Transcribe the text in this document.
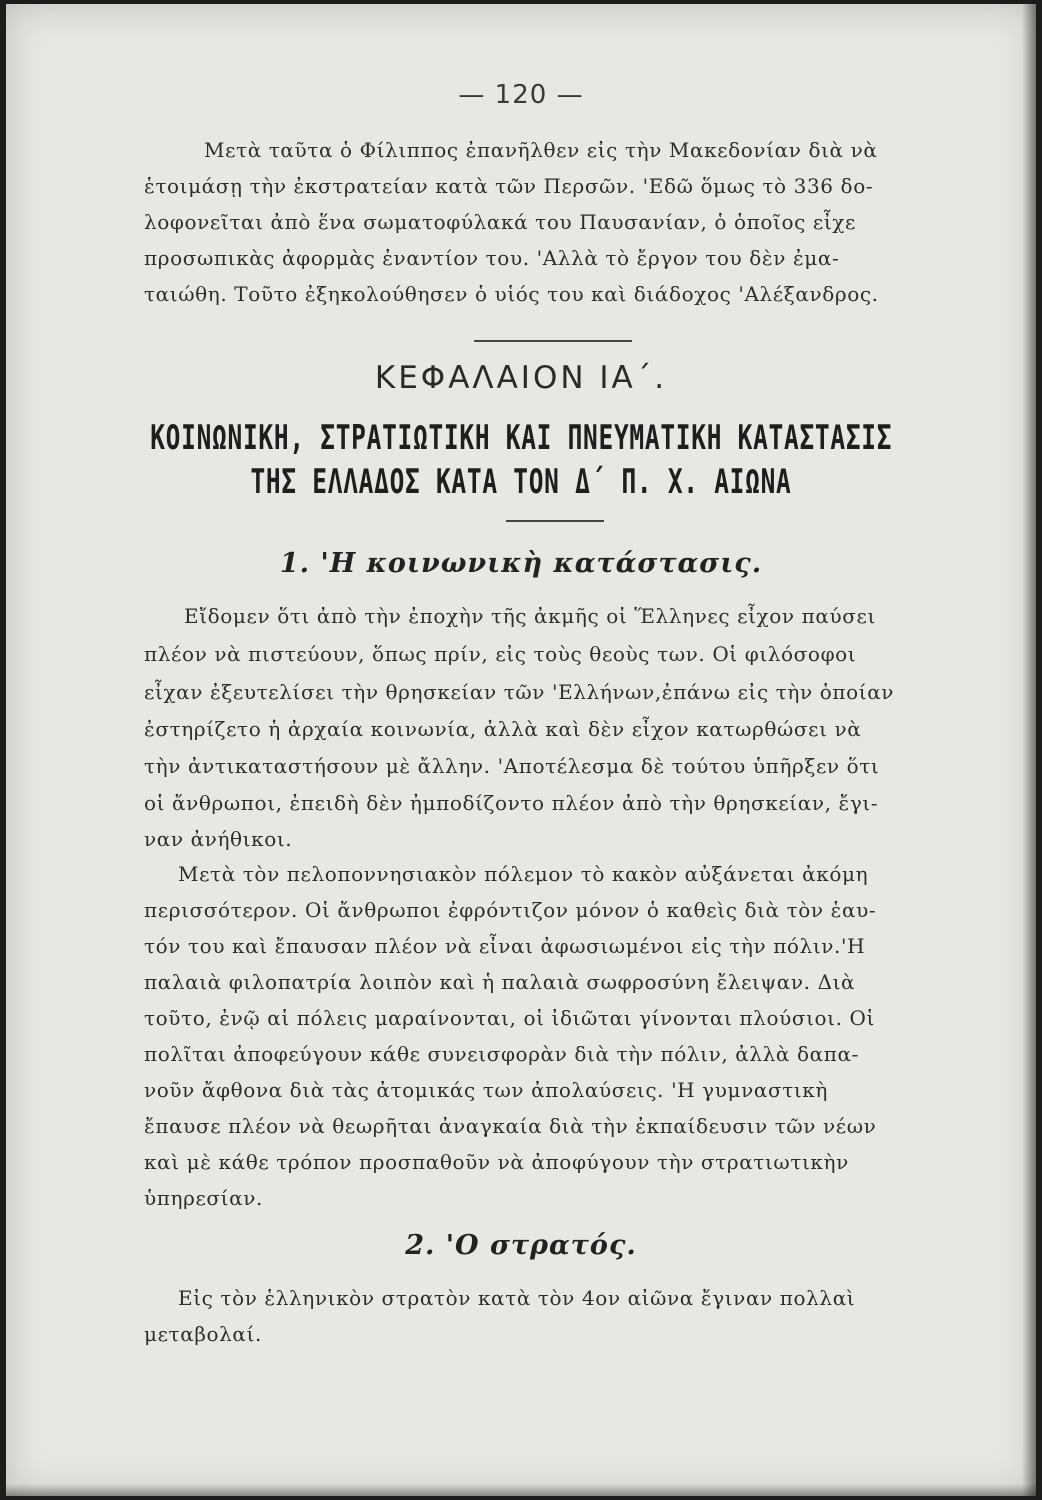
— 120 —
Μετὰ ταῦτα ὁ Φίλιππος ἐπανῆλθεν εἰς τὴν Μακεδονίαν διὰ νὰ
ἑτοιμάσῃ τὴν ἐκστρατείαν κατὰ τῶν Περσῶν. 'Εδῶ ὅμως τὸ 336 δο-
λοφονεῖται ἀπὸ ἕνα σωματοφύλακά του Παυσανίαν, ὁ ὁποῖος εἶχε
προσωπικὰς ἀφορμὰς ἐναντίον του. 'Αλλὰ τὸ ἔργον του δὲν ἐμα-
ταιώθη. Τοῦτο ἐξηκολούθησεν ὁ υἱός του καὶ διάδοχος 'Αλέξανδρος.
ΚΕΦΑΛΑΙΟΝ ΙΑ΄.
ΚΟΙΝΩΝΙΚΗ, ΣΤΡΑΤΙΩΤΙΚΗ ΚΑΙ ΠΝΕΥΜΑΤΙΚΗ ΚΑΤΑΣΤΑΣΙΣ
ΤΗΣ ΕΛΛΑΔΟΣ ΚΑΤΑ ΤΟΝ Δ΄ Π. Χ. ΑΙΩΝΑ
1. 'Η κοινωνικὴ κατάστασις.
Εἴδομεν ὅτι ἀπὸ τὴν ἐποχὴν τῆς ἀκμῆς οἱ Ἕλληνες εἶχον παύσει
πλέον νὰ πιστεύουν, ὅπως πρίν, εἰς τοὺς θεοὺς των. Οἱ φιλόσοφοι
εἶχαν ἐξευτελίσει τὴν θρησκείαν τῶν 'Ελλήνων,ἐπάνω εἰς τὴν ὁποίαν
ἐστηρίζετο ἡ ἀρχαία κοινωνία, ἀλλὰ καὶ δὲν εἶχον κατωρθώσει νὰ
τὴν ἀντικαταστήσουν μὲ ἄλλην. 'Αποτέλεσμα δὲ τούτου ὑπῆρξεν ὅτι
οἱ ἄνθρωποι, ἐπειδὴ δὲν ἠμποδίζοντο πλέον ἀπὸ τὴν θρησκείαν, ἔγι-
ναν ἀνήθικοι.
Μετὰ τὸν πελοποννησιακὸν πόλεμον τὸ κακὸν αὐξάνεται ἀκόμη
περισσότερον. Οἱ ἄνθρωποι ἐφρόντιζον μόνον ὁ καθεὶς διὰ τὸν ἑαυ-
τόν του καὶ ἔπαυσαν πλέον νὰ εἶναι ἀφωσιωμένοι εἰς τὴν πόλιν.'Η
παλαιὰ φιλοπατρία λοιπὸν καὶ ἡ παλαιὰ σωφροσύνη ἔλειψαν. Διὰ
τοῦτο, ἐνῷ αἱ πόλεις μαραίνονται, οἱ ἰδιῶται γίνονται πλούσιοι. Οἱ
πολῖται ἀποφεύγουν κάθε συνεισφορὰν διὰ τὴν πόλιν, ἀλλὰ δαπα-
νοῦν ἄφθονα διὰ τὰς ἀτομικάς των ἀπολαύσεις. 'Η γυμναστικὴ
ἔπαυσε πλέον νὰ θεωρῆται ἀναγκαία διὰ τὴν ἐκπαίδευσιν τῶν νέων
καὶ μὲ κάθε τρόπον προσπαθοῦν νὰ ἀποφύγουν τὴν στρατιωτικὴν
ὑπηρεσίαν.
2. 'Ο στρατός.
Εἰς τὸν ἑλληνικὸν στρατὸν κατὰ τὸν 4ον αἰῶνα ἔγιναν πολλαὶ
μεταβολαί.
